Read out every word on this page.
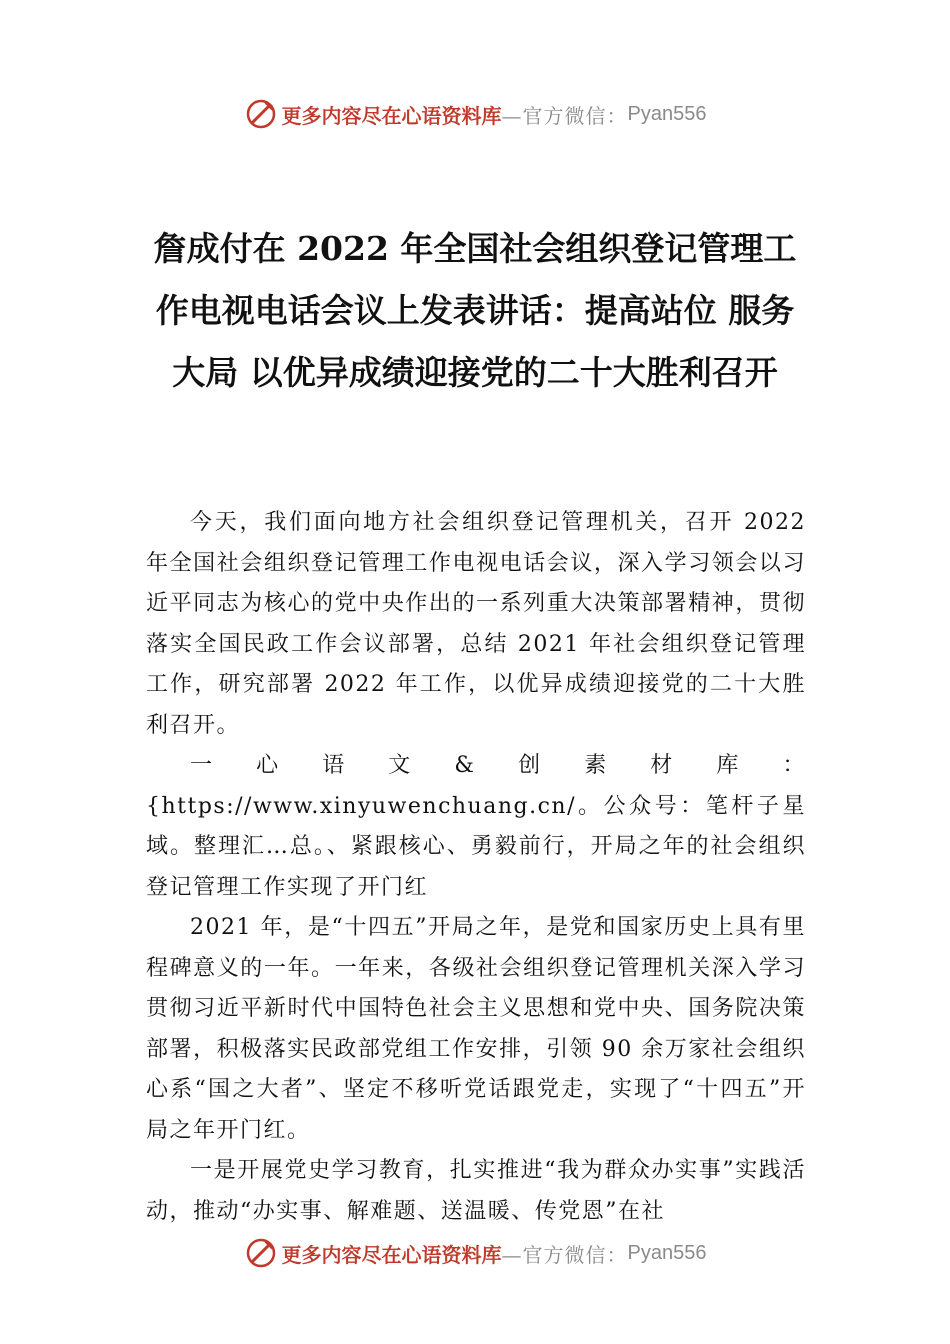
更多内容尽在心语资料库 —官方微信： Pyan556
詹成付在 2022 年全国社会组织登记管理工作电视电话会议上发表讲话：提高站位 服务大局 以优异成绩迎接党的二十大胜利召开

今天，我们面向地方社会组织登记管理机关，召开 2022 年全国社会组织登记管理工作电视电话会议，深入学习领会以习近平同志为核心的党中央作出的一系列重大决策部署精神，贯彻落实全国民政工作会议部署，总结 2021 年社会组织登记管理工作，研究部署 2022 年工作，以优异成绩迎接党的二十大胜利召开。

一心语文&创素材库：{https://www.xinyuwenchuang.cn/。公众号：笔杆子星域。整理汇…总。、紧跟核心、勇毅前行，开局之年的社会组织登记管理工作实现了开门红

2021 年，是“十四五”开局之年，是党和国家历史上具有里程碑意义的一年。一年来，各级社会组织登记管理机关深入学习贯彻习近平新时代中国特色社会主义思想和党中央、国务院决策部署，积极落实民政部党组工作安排，引领 90 余万家社会组织心系“国之大者”、坚定不移听党话跟党走，实现了“十四五”开局之年开门红。

一是开展党史学习教育，扎实推进“我为群众办实事”实践活动，推动“办实事、解难题、送温暖、传党恩”在社

更多内容尽在心语资料库 —官方微信： Pyan556
